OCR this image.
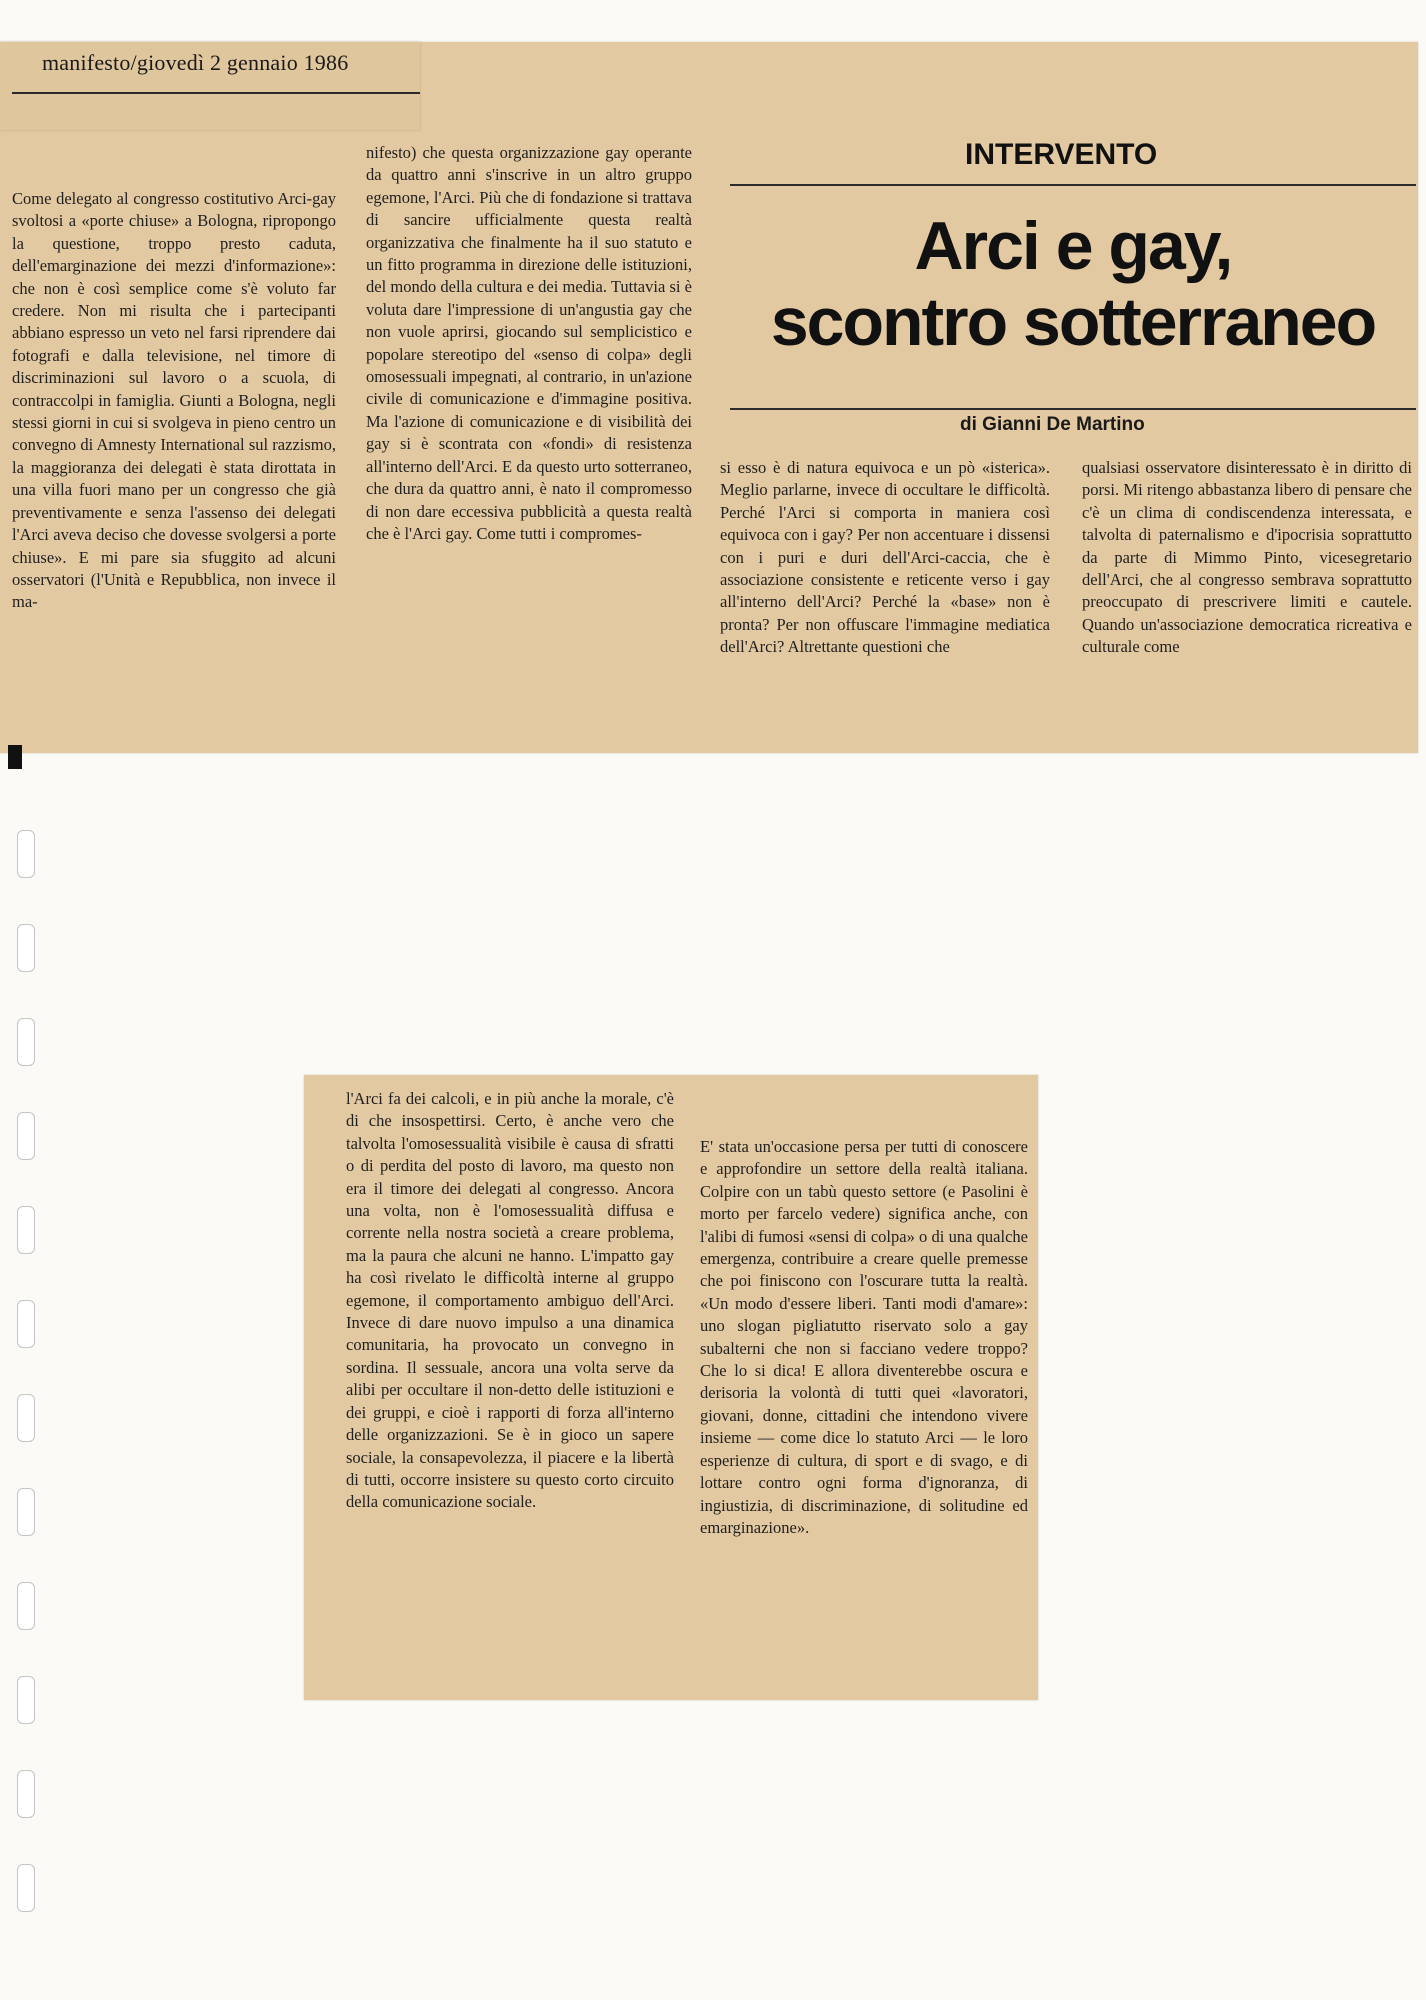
manifesto/giovedì 2 gennaio 1986
Come delegato al congresso costitutivo Arci-gay svoltosi a «porte chiuse» a Bologna, ripropongo la questione, troppo presto caduta, dell'emarginazione dei mezzi d'informazione»: che non è così semplice come s'è voluto far credere. Non mi risulta che i partecipanti abbiano espresso un veto nel farsi riprendere dai fotografi e dalla televisione, nel timore di discriminazioni sul lavoro o a scuola, di contraccolpi in famiglia. Giunti a Bologna, negli stessi giorni in cui si svolgeva in pieno centro un convegno di Amnesty International sul razzismo, la maggioranza dei delegati è stata dirottata in una villa fuori mano per un congresso che già preventivamente e senza l'assenso dei delegati l'Arci aveva deciso che dovesse svolgersi a porte chiuse». E mi pare sia sfuggito ad alcuni osservatori (l'Unità e Repubblica, non invece il ma-
nifesto) che questa organizzazione gay operante da quattro anni s'inscrive in un altro gruppo egemone, l'Arci. Più che di fondazione si trattava di sancire ufficialmente questa realtà organizzativa che finalmente ha il suo statuto e un fitto programma in direzione delle istituzioni, del mondo della cultura e dei media. Tuttavia si è voluta dare l'impressione di un'angustia gay che non vuole aprirsi, giocando sul semplicistico e popolare stereotipo del «senso di colpa» degli omosessuali impegnati, al contrario, in un'azione civile di comunicazione e d'immagine positiva. Ma l'azione di comunicazione e di visibilità dei gay si è scontrata con «fondi» di resistenza all'interno dell'Arci. E da questo urto sotterraneo, che dura da quattro anni, è nato il compromesso di non dare eccessiva pubblicità a questa realtà che è l'Arci gay. Come tutti i compromes-
INTERVENTO
Arci e gay,
scontro sotterraneo
di Gianni De Martino
si esso è di natura equivoca e un pò «isterica». Meglio parlarne, invece di occultare le difficoltà. Perché l'Arci si comporta in maniera così equivoca con i gay? Per non accentuare i dissensi con i puri e duri dell'Arci-caccia, che è associazione consistente e reticente verso i gay all'interno dell'Arci? Perché la «base» non è pronta? Per non offuscare l'immagine mediatica dell'Arci? Altrettante questioni che
qualsiasi osservatore disinteressato è in diritto di porsi. Mi ritengo abbastanza libero di pensare che c'è un clima di condiscendenza interessata, e talvolta di paternalismo e d'ipocrisia soprattutto da parte di Mimmo Pinto, vicesegretario dell'Arci, che al congresso sembrava soprattutto preoccupato di prescrivere limiti e cautele. Quando un'associazione democratica ricreativa e culturale come
l'Arci fa dei calcoli, e in più anche la morale, c'è di che insospettirsi. Certo, è anche vero che talvolta l'omosessualità visibile è causa di sfratti o di perdita del posto di lavoro, ma questo non era il timore dei delegati al congresso. Ancora una volta, non è l'omosessualità diffusa e corrente nella nostra società a creare problema, ma la paura che alcuni ne hanno. L'impatto gay ha così rivelato le difficoltà interne al gruppo egemone, il comportamento ambiguo dell'Arci. Invece di dare nuovo impulso a una dinamica comunitaria, ha provocato un convegno in sordina. Il sessuale, ancora una volta serve da alibi per occultare il non-detto delle istituzioni e dei gruppi, e cioè i rapporti di forza all'interno delle organizzazioni. Se è in gioco un sapere sociale, la consapevolezza, il piacere e la libertà di tutti, occorre insistere su questo corto circuito della comunicazione sociale.
E' stata un'occasione persa per tutti di conoscere e approfondire un settore della realtà italiana. Colpire con un tabù questo settore (e Pasolini è morto per farcelo vedere) significa anche, con l'alibi di fumosi «sensi di colpa» o di una qualche emergenza, contribuire a creare quelle premesse che poi finiscono con l'oscurare tutta la realtà. «Un modo d'essere liberi. Tanti modi d'amare»: uno slogan pigliatutto riservato solo a gay subalterni che non si facciano vedere troppo? Che lo si dica! E allora diventerebbe oscura e derisoria la volontà di tutti quei «lavoratori, giovani, donne, cittadini che intendono vivere insieme — come dice lo statuto Arci — le loro esperienze di cultura, di sport e di svago, e di lottare contro ogni forma d'ignoranza, di ingiustizia, di discriminazione, di solitudine ed emarginazione».
